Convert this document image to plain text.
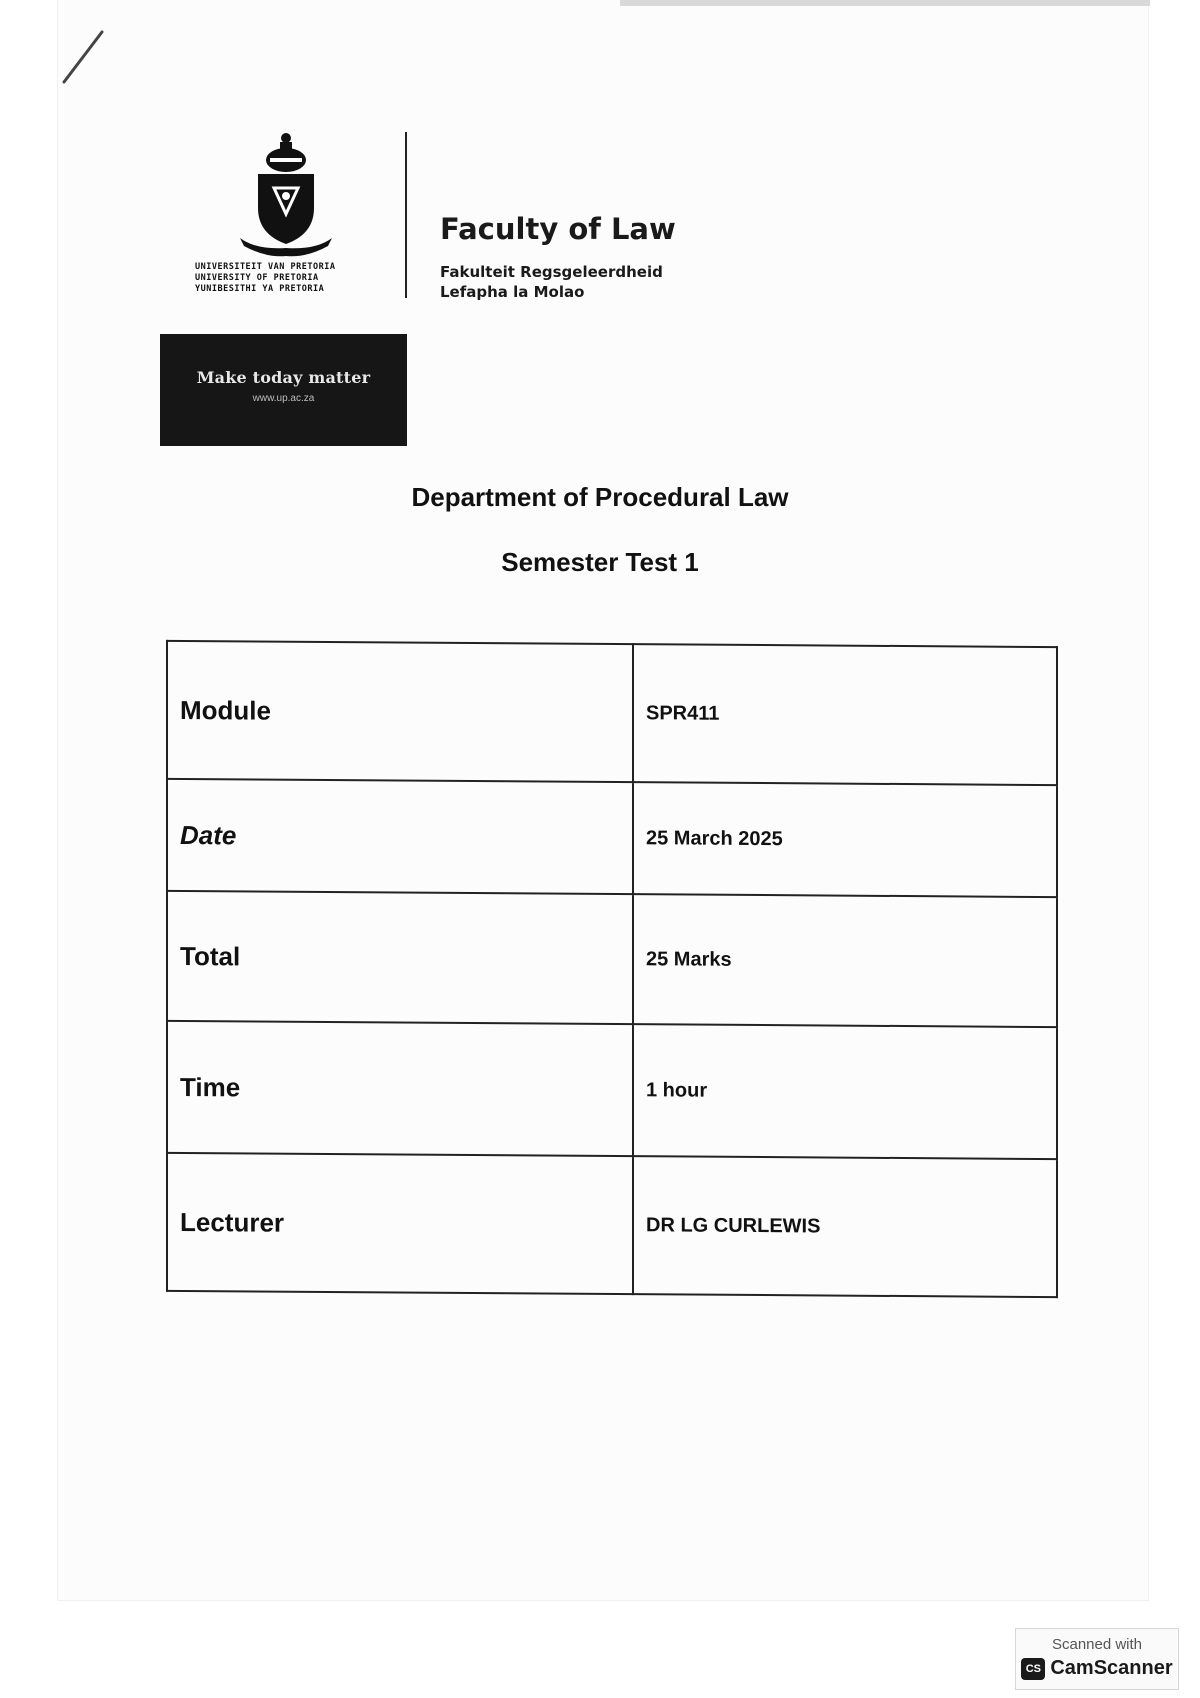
UNIVERSITEIT VAN PRETORIA
UNIVERSITY OF PRETORIA
YUNIBESITHI YA PRETORIA
Faculty of Law
Fakulteit Regsgeleerdheid
Lefapha la Molao
Make today matter
www.up.ac.za
Department of Procedural Law
Semester Test 1
Module	SPR411
Date	25 March 2025
Total	25 Marks
Time	1 hour
Lecturer	DR LG CURLEWIS
Scanned with
CS CamScanner
